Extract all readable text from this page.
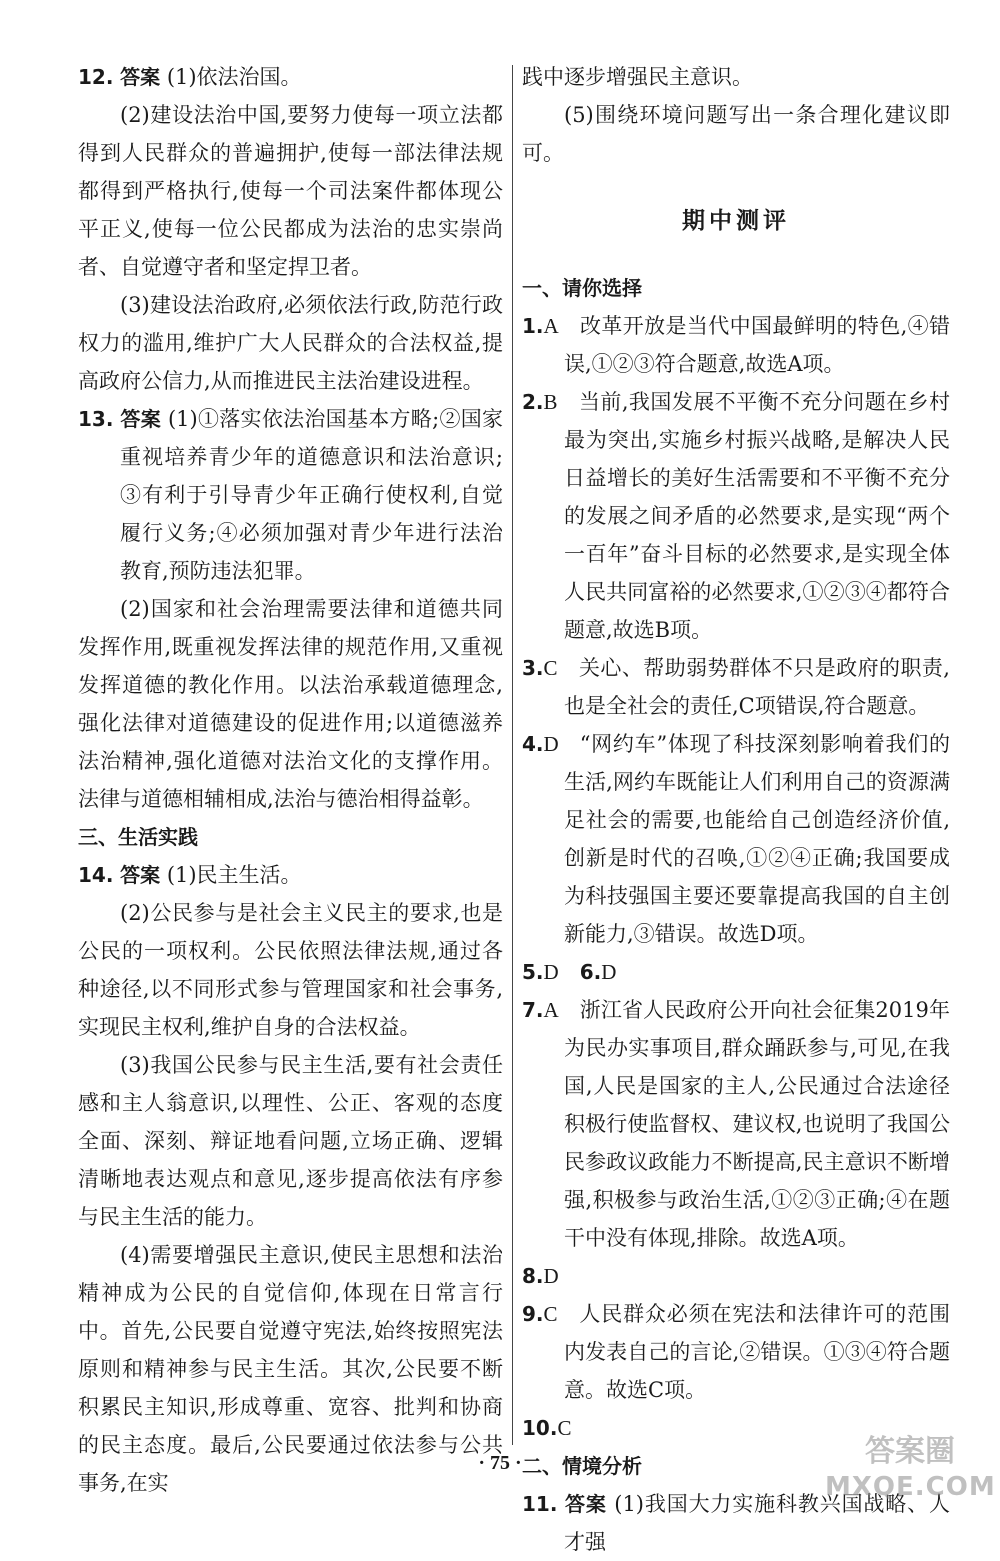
12. 答案 (1)依法治国。

(2)建设法治中国,要努力使每一项立法都得到人民群众的普遍拥护,使每一部法律法规都得到严格执行,使每一个司法案件都体现公平正义,使每一位公民都成为法治的忠实崇尚者、自觉遵守者和坚定捍卫者。

(3)建设法治政府,必须依法行政,防范行政权力的滥用,维护广大人民群众的合法权益,提高政府公信力,从而推进民主法治建设进程。

13. 答案 (1)①落实依法治国基本方略;②国家重视培养青少年的道德意识和法治意识;③有利于引导青少年正确行使权利,自觉履行义务;④必须加强对青少年进行法治教育,预防违法犯罪。

(2)国家和社会治理需要法律和道德共同发挥作用,既重视发挥法律的规范作用,又重视发挥道德的教化作用。以法治承载道德理念,强化法律对道德建设的促进作用;以道德滋养法治精神,强化道德对法治文化的支撑作用。法律与道德相辅相成,法治与德治相得益彰。

三、生活实践

14. 答案 (1)民主生活。

(2)公民参与是社会主义民主的要求,也是公民的一项权利。公民依照法律法规,通过各种途径,以不同形式参与管理国家和社会事务,实现民主权利,维护自身的合法权益。

(3)我国公民参与民主生活,要有社会责任感和主人翁意识,以理性、公正、客观的态度全面、深刻、辩证地看问题,立场正确、逻辑清晰地表达观点和意见,逐步提高依法有序参与民主生活的能力。

(4)需要增强民主意识,使民主思想和法治精神成为公民的自觉信仰,体现在日常言行中。首先,公民要自觉遵守宪法,始终按照宪法原则和精神参与民主生活。其次,公民要不断积累民主知识,形成尊重、宽容、批判和协商的民主态度。最后,公民要通过依法参与公共事务,在实

践中逐步增强民主意识。

(5)围绕环境问题写出一条合理化建议即可。

期中测评

一、请你选择

1.A  改革开放是当代中国最鲜明的特色,④错误,①②③符合题意,故选A项。

2.B  当前,我国发展不平衡不充分问题在乡村最为突出,实施乡村振兴战略,是解决人民日益增长的美好生活需要和不平衡不充分的发展之间矛盾的必然要求,是实现“两个一百年”奋斗目标的必然要求,是实现全体人民共同富裕的必然要求,①②③④都符合题意,故选B项。

3.C  关心、帮助弱势群体不只是政府的职责,也是全社会的责任,C项错误,符合题意。

4.D  “网约车”体现了科技深刻影响着我们的生活,网约车既能让人们利用自己的资源满足社会的需要,也能给自己创造经济价值,创新是时代的召唤,①②④正确;我国要成为科技强国主要还要靠提高我国的自主创新能力,③错误。故选D项。

5.D  6.D

7.A  浙江省人民政府公开向社会征集2019年为民办实事项目,群众踊跃参与,可见,在我国,人民是国家的主人,公民通过合法途径积极行使监督权、建议权,也说明了我国公民参政议政能力不断提高,民主意识不断增强,积极参与政治生活,①②③正确;④在题干中没有体现,排除。故选A项。

8.D

9.C  人民群众必须在宪法和法律许可的范围内发表自己的言论,②错误。①③④符合题意。故选C项。

10.C

二、情境分析

11. 答案 (1)我国大力实施科教兴国战略、人才强

· 75 ·	答案圈
MXQE.COM
